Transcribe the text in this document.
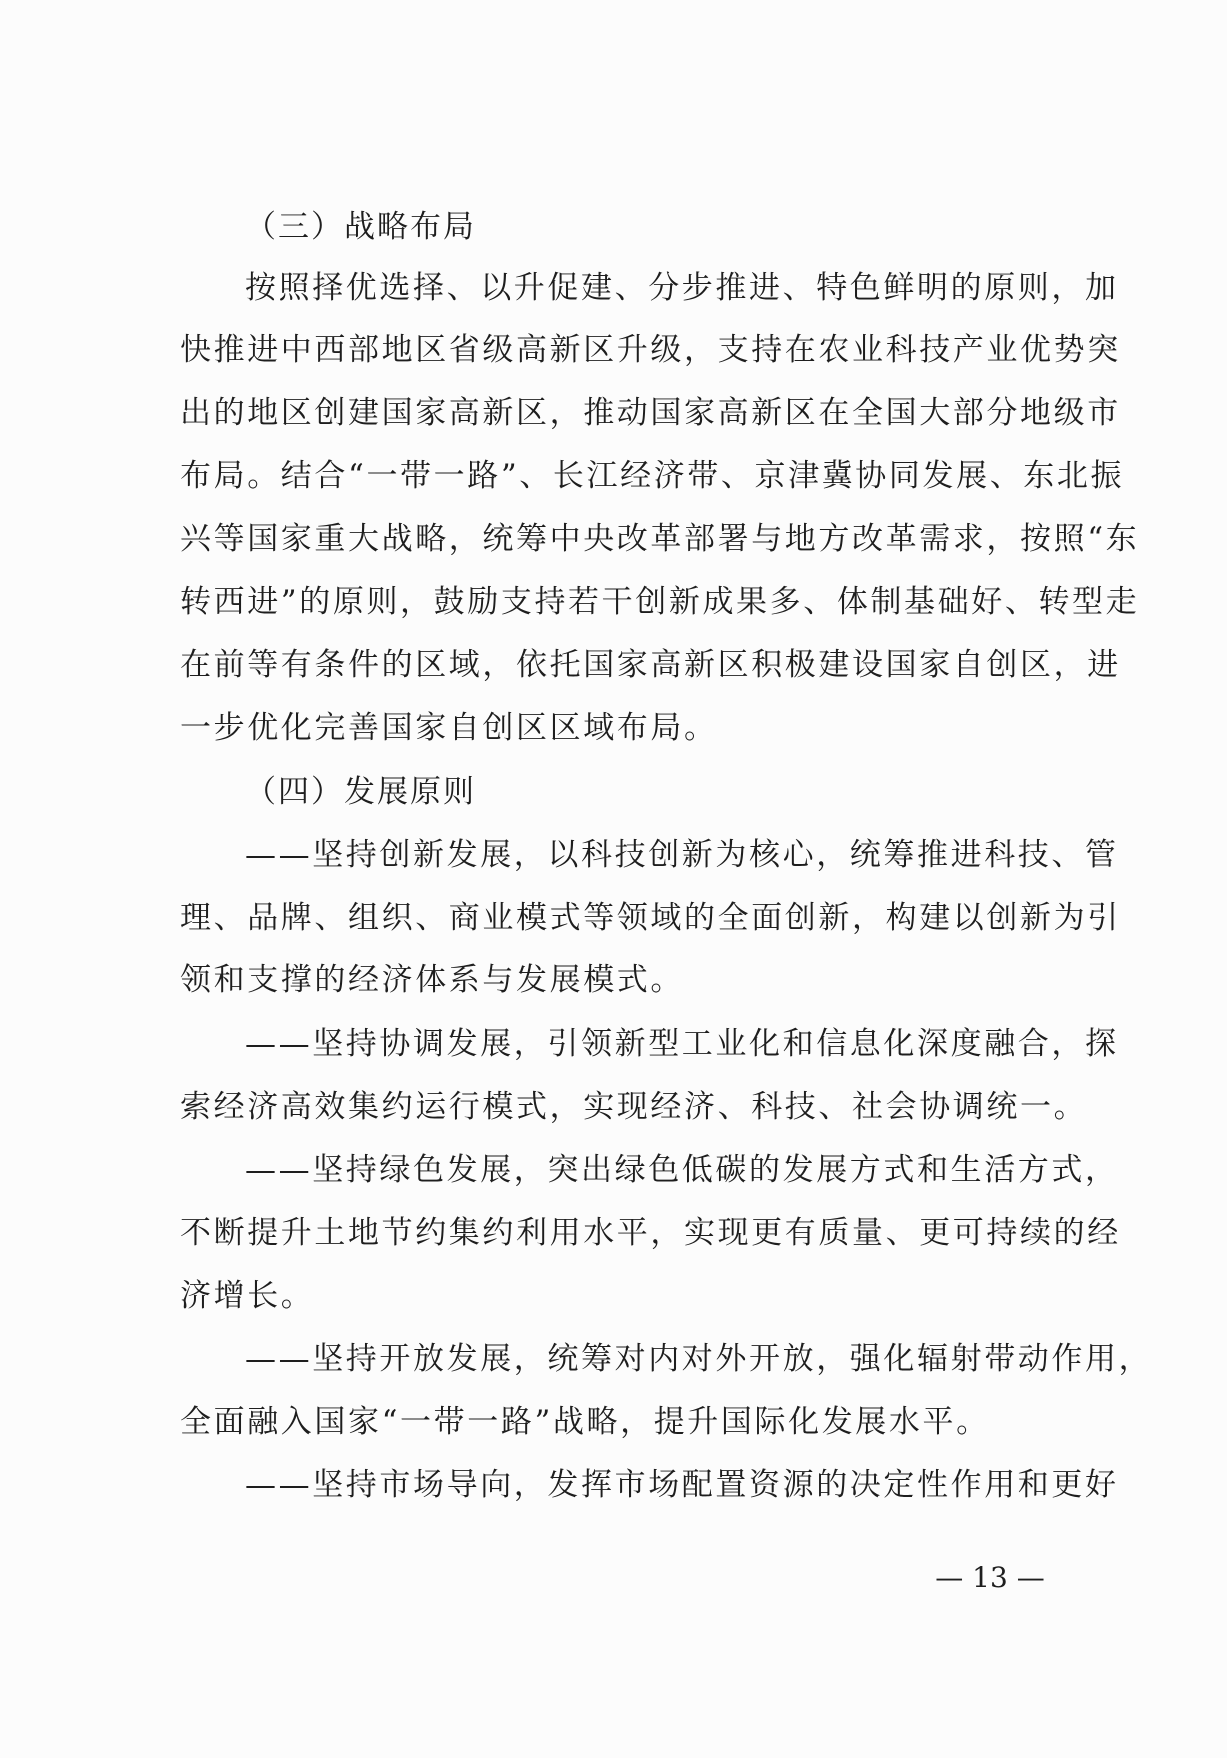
（三）战略布局
按照择优选择、以升促建、分步推进、特色鲜明的原则，加
快推进中西部地区省级高新区升级，支持在农业科技产业优势突
出的地区创建国家高新区，推动国家高新区在全国大部分地级市
布局。结合“一带一路”、长江经济带、京津冀协同发展、东北振
兴等国家重大战略，统筹中央改革部署与地方改革需求，按照“东
转西进”的原则，鼓励支持若干创新成果多、体制基础好、转型走
在前等有条件的区域，依托国家高新区积极建设国家自创区，进
一步优化完善国家自创区区域布局。
（四）发展原则
——坚持创新发展，以科技创新为核心，统筹推进科技、管
理、品牌、组织、商业模式等领域的全面创新，构建以创新为引
领和支撑的经济体系与发展模式。
——坚持协调发展，引领新型工业化和信息化深度融合，探
索经济高效集约运行模式，实现经济、科技、社会协调统一。
——坚持绿色发展，突出绿色低碳的发展方式和生活方式，
不断提升土地节约集约利用水平，实现更有质量、更可持续的经
济增长。
——坚持开放发展，统筹对内对外开放，强化辐射带动作用，
全面融入国家“一带一路”战略，提升国际化发展水平。
——坚持市场导向，发挥市场配置资源的决定性作用和更好
— 13 —
